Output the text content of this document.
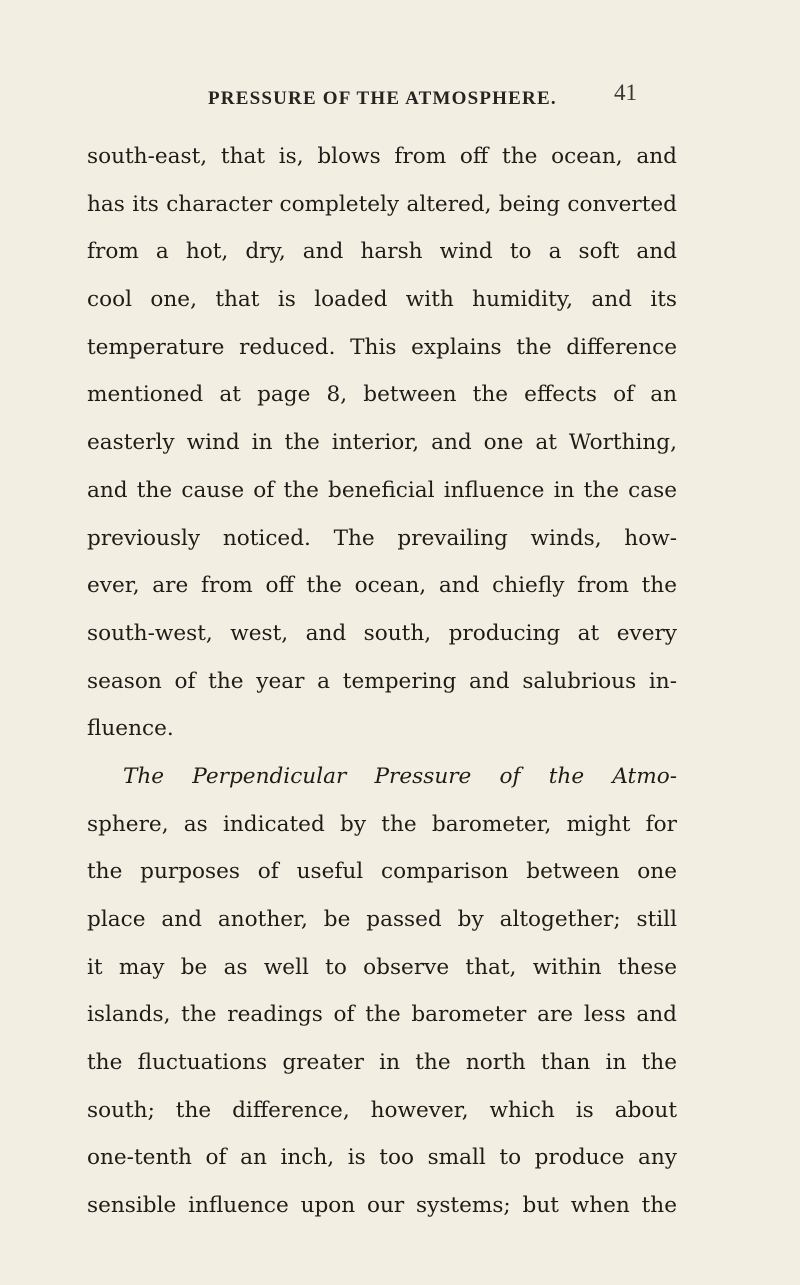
PRESSURE OF THE ATMOSPHERE. 41
south-east, that is, blows from off the ocean, and
has its character completely altered, being converted
from a hot, dry, and harsh wind to a soft and
cool one, that is loaded with humidity, and its
temperature reduced. This explains the difference
mentioned at page 8, between the effects of an
easterly wind in the interior, and one at Worthing,
and the cause of the beneficial influence in the case
previously noticed. The prevailing winds, how-
ever, are from off the ocean, and chiefly from the
south-west, west, and south, producing at every
season of the year a tempering and salubrious in-
fluence.
The Perpendicular Pressure of the Atmo-
sphere, as indicated by the barometer, might for
the purposes of useful comparison between one
place and another, be passed by altogether; still
it may be as well to observe that, within these
islands, the readings of the barometer are less and
the fluctuations greater in the north than in the
south; the difference, however, which is about
one-tenth of an inch, is too small to produce any
sensible influence upon our systems; but when the
